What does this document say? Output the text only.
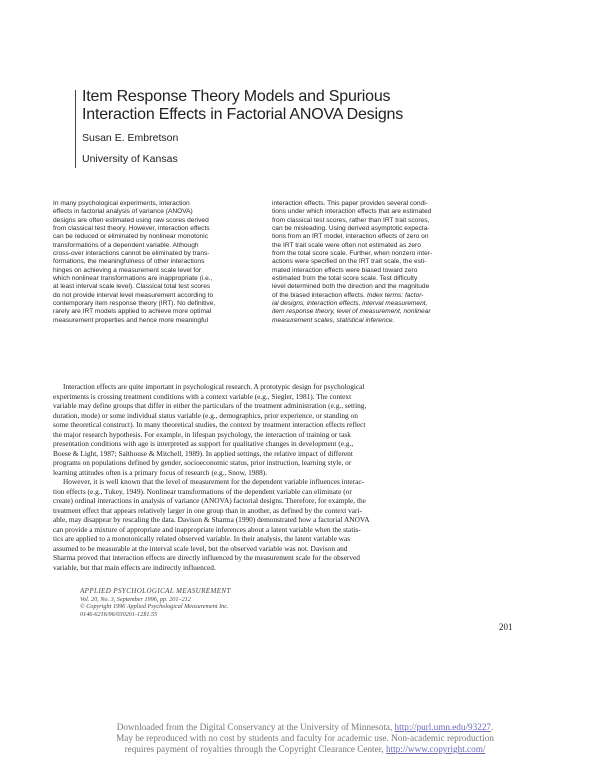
Item Response Theory Models and Spurious
Interaction Effects in Factorial ANOVA Designs
Susan E. Embretson
University of Kansas
In many psychological experiments, interaction
effects in factorial analysis of variance (ANOVA)
designs are often estimated using raw scores derived
from classical test theory. However, interaction effects
can be reduced or eliminated by nonlinear monotonic
transformations of a dependent variable. Although
cross-over interactions cannot be eliminated by trans-
formations, the meaningfulness of other interactions
hinges on achieving a measurement scale level for
which nonlinear transformations are inappropriate (i.e.,
at least interval scale level). Classical total test scores
do not provide interval level measurement according to
contemporary item response theory (IRT). No definitive,
rarely are IRT models applied to achieve more optimal
measurement properties and hence more meaningful
interaction effects. This paper provides several condi-
tions under which interaction effects that are estimated
from classical test scores, rather than IRT trait scores,
can be misleading. Using derived asymptotic expecta-
tions from an IRT model, interaction effects of zero on
the IRT trait scale were often not estimated as zero
from the total score scale. Further, when nonzero inter-
actions were specified on the IRT trait scale, the esti-
mated interaction effects were biased toward zero
estimated from the total score scale. Test difficulty
level determined both the direction and the magnitude
of the biased interaction effects. Index terms: factor-
ial designs, interaction effects, interval measurement,
item response theory, level of measurement, nonlinear
measurement scales, statistical inference.
Interaction effects are quite important in psychological research. A prototypic design for psychological
experiments is crossing treatment conditions with a context variable (e.g., Siegler, 1981). The context
variable may define groups that differ in either the particulars of the treatment administration (e.g., setting,
duration, mode) or some individual status variable (e.g., demographics, prior experience, or standing on
some theoretical construct). In many theoretical studies, the context by treatment interaction effects reflect
the major research hypothesis. For example, in lifespan psychology, the interaction of training or task
presentation conditions with age is interpreted as support for qualitative changes in development (e.g.,
Boese & Light, 1987; Salthouse & Mitchell, 1989). In applied settings, the relative impact of different
programs on populations defined by gender, socioeconomic status, prior instruction, learning style, or
learning attitudes often is a primary focus of research (e.g., Snow, 1988).
However, it is well known that the level of measurement for the dependent variable influences interac-
tion effects (e.g., Tukey, 1949). Nonlinear transformations of the dependent variable can eliminate (or
create) ordinal interactions in analysis of variance (ANOVA) factorial designs. Therefore, for example, the
treatment effect that appears relatively larger in one group than in another, as defined by the context vari-
able, may disappear by rescaling the data. Davison & Sharma (1990) demonstrated how a factorial ANOVA
can provide a mixture of appropriate and inappropriate inferences about a latent variable when the statis-
tics are applied to a monotonically related observed variable. In their analysis, the latent variable was
assumed to be measurable at the interval scale level, but the observed variable was not. Davison and
Sharma proved that interaction effects are directly influenced by the measurement scale for the observed
variable, but that main effects are indirectly influenced.
APPLIED PSYCHOLOGICAL MEASUREMENT
Vol. 20, No. 3, September 1996, pp. 201–212
© Copyright 1996 Applied Psychological Measurement Inc.
0146-6216/96/030201-12$1.55
201
Downloaded from the Digital Conservancy at the University of Minnesota, http://purl.umn.edu/93227.
May be reproduced with no cost by students and faculty for academic use. Non-academic reproduction
requires payment of royalties through the Copyright Clearance Center, http://www.copyright.com/
